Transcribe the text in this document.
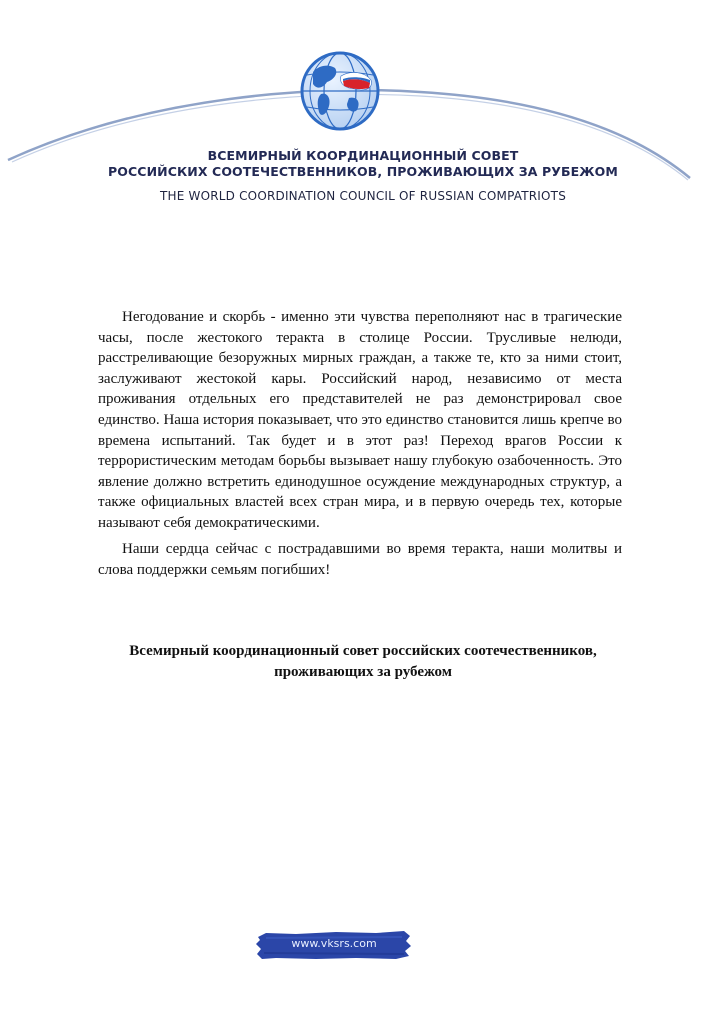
ВСЕМИРНЫЙ КООРДИНАЦИОННЫЙ СОВЕТ
РОССИЙСКИХ СООТЕЧЕСТВЕННИКОВ, ПРОЖИВАЮЩИХ ЗА РУБЕЖОМ
THE WORLD COORDINATION COUNCIL OF RUSSIAN COMPATRIOTS

Негодование и скорбь - именно эти чувства переполняют нас в трагические часы, после жестокого теракта в столице России. Трусливые нелюди, расстреливающие безоружных мирных граждан, а также те, кто за ними стоит, заслуживают жестокой кары. Российский народ, независимо от места проживания отдельных его представителей не раз демонстрировал свое единство. Наша история показывает, что это единство становится лишь крепче во времена испытаний. Так будет и в этот раз! Переход врагов России к террористическим методам борьбы вызывает нашу глубокую озабоченность. Это явление должно встретить единодушное осуждение международных структур, а также официальных властей всех стран мира, и в первую очередь тех, которые называют себя демократическими.

Наши сердца сейчас с пострадавшими во время теракта, наши молитвы и слова поддержки семьям погибших!

Всемирный координационный совет российских соотечественников,
проживающих за рубежом
www.vksrs.com
